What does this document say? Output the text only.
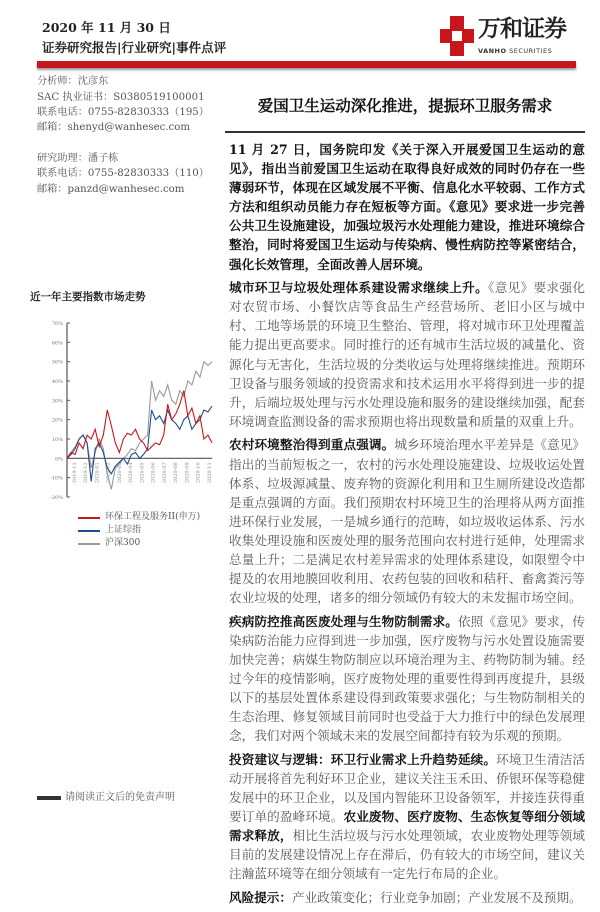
2020 年 11 月 30 日
证券研究报告|行业研究|事件点评
万和证券
VANHO SECURITIES
分析师：沈彦东
SAC 执业证书：S0380519100001
联系电话：0755-82830333（195）
邮箱：shenyd@wanhesec.com
研究助理：潘子栋
联系电话：0755-82830333（110）
邮箱：panzd@wanhesec.com
爱国卫生运动深化推进，提振环卫服务需求

11 月 27 日，国务院印发《关于深入开展爱国卫生运动的意见》，指出当前爱国卫生运动在取得良好成效的同时仍存在一些薄弱环节，体现在区域发展不平衡、信息化水平较弱、工作方式方法和组织动员能力存在短板等方面。《意见》要求进一步完善公共卫生设施建设，加强垃圾污水处理能力建设，推进环境综合整治，同时将爱国卫生运动与传染病、慢性病防控等紧密结合，强化长效管理，全面改善人居环境。

城市环卫与垃圾处理体系建设需求继续上升。《意见》要求强化对农贸市场、小餐饮店等食品生产经营场所、老旧小区与城中村、工地等场景的环境卫生整治、管理，将对城市环卫处理覆盖能力提出更高要求。同时推行的还有城市生活垃圾的减量化、资源化与无害化，生活垃圾的分类收运与处理将继续推进。预期环卫设备与服务领域的投资需求和技术运用水平将得到进一步的提升，后端垃圾处理与污水处理设施和服务的建设继续加强，配套环境调查监测设备的需求预期也将出现数量和质量的双重上升。

农村环境整治得到重点强调。城乡环境治理水平差异是《意见》指出的当前短板之一，农村的污水处理设施建设、垃圾收运处置体系、垃圾源减量、废弃物的资源化利用和卫生厕所建设改造都是重点强调的方面。我们预期农村环境卫生的治理将从两方面推进环保行业发展，一是城乡通行的范畴，如垃圾收运体系、污水收集处理设施和医废处理的服务范围向农村进行延伸，处理需求总量上升；二是满足农村差异需求的处理体系建设，如限塑令中提及的农用地膜回收利用、农药包装的回收和秸秆、畜禽粪污等农业垃圾的处理，诸多的细分领域仍有较大的未发掘市场空间。

疾病防控推高医废处理与生物防制需求。依照《意见》要求，传染病防治能力应得到进一步加强，医疗废物与污水处置设施需要加快完善；病媒生物防制应以环境治理为主、药物防制为辅。经过今年的疫情影响，医疗废物处理的重要性得到再度提升，县级以下的基层处置体系建设得到政策要求强化；与生物防制相关的生态治理、修复领域目前同时也受益于大力推行中的绿色发展理念，我们对两个领域未来的发展空间都持有较为乐观的预期。

投资建议与逻辑：环卫行业需求上升趋势延续。环境卫生清洁活动开展将首先利好环卫企业，建议关注玉禾田、侨银环保等稳健发展中的环卫企业，以及国内智能环卫设备领军，并接连获得重要订单的盈峰环境。农业废物、医疗废物、生态恢复等细分领域需求释放，相比生活垃圾与污水处理领域，农业废物处理等领域目前的发展建设情况上存在滞后，仍有较大的市场空间，建议关注瀚蓝环境等在细分领域有一定先行布局的企业。

风险提示：产业政策变化；行业竞争加剧；产业发展不及预期。

近一年主要指数市场走势
70%
60%
50%
40%
30%
20%
10%
0%
-10%
-20%
2019-11 2019-12 2020-01 2020-02 2020-03 2020-04 2020-05 2020-06 2020-07 2020-08 2020-09 2020-10 2020-11
环保工程及服务II(申万)
上证综指
沪深300
请阅读正文后的免责声明
